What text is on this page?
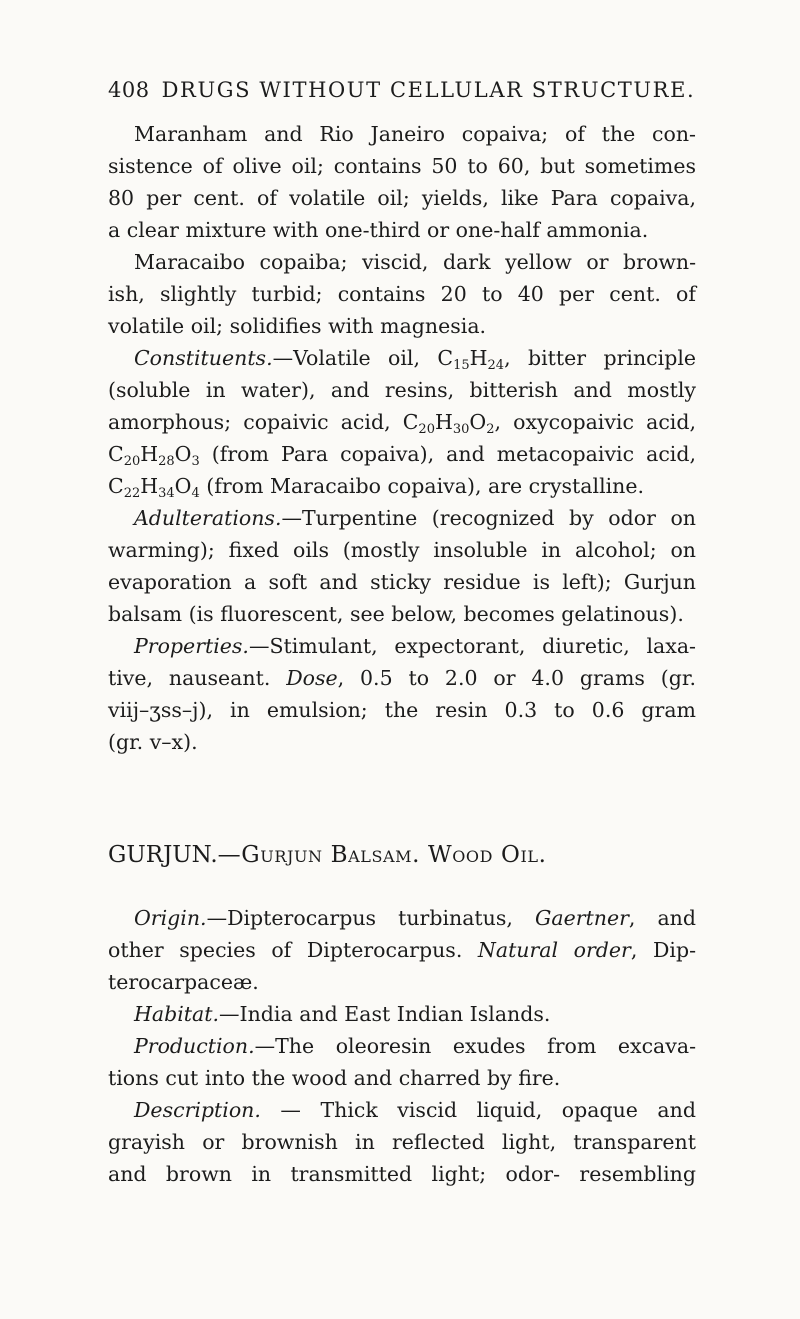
408 DRUGS WITHOUT CELLULAR STRUCTURE.
Maranham and Rio Janeiro copaiva; of the con-
sistence of olive oil; contains 50 to 60, but sometimes
80 per cent. of volatile oil; yields, like Para copaiva,
a clear mixture with one-third or one-half ammonia.
Maracaibo copaiba; viscid, dark yellow or brown-
ish, slightly turbid; contains 20 to 40 per cent. of
volatile oil; solidifies with magnesia.
Constituents.—Volatile oil, $C_{15}H_{24}$, bitter principle
(soluble in water), and resins, bitterish and mostly
amorphous; copaivic acid, $C_{20}H_{30}O_2$, oxycopaivic acid,
$C_{20}H_{28}O_3$ (from Para copaiva), and metacopaivic acid,
$C_{22}H_{34}O_4$ (from Maracaibo copaiva), are crystalline.
Adulterations.—Turpentine (recognized by odor on
warming); fixed oils (mostly insoluble in alcohol; on
evaporation a soft and sticky residue is left); Gurjun
balsam (is fluorescent, see below, becomes gelatinous).
Properties.—Stimulant, expectorant, diuretic, laxa-
tive, nauseant. Dose, 0.5 to 2.0 or 4.0 grams (gr.
viij–ʒss–j), in emulsion; the resin 0.3 to 0.6 gram
(gr. v–x).
GURJUN.—Gurjun Balsam. Wood Oil.
Origin.—Dipterocarpus turbinatus, Gaertner, and
other species of Dipterocarpus. Natural order, Dip-
terocarpaceæ.
Habitat.—India and East Indian Islands.
Production.—The oleoresin exudes from excava-
tions cut into the wood and charred by fire.
Description. — Thick viscid liquid, opaque and
grayish or brownish in reflected light, transparent
and brown in transmitted light; odor- resembling
